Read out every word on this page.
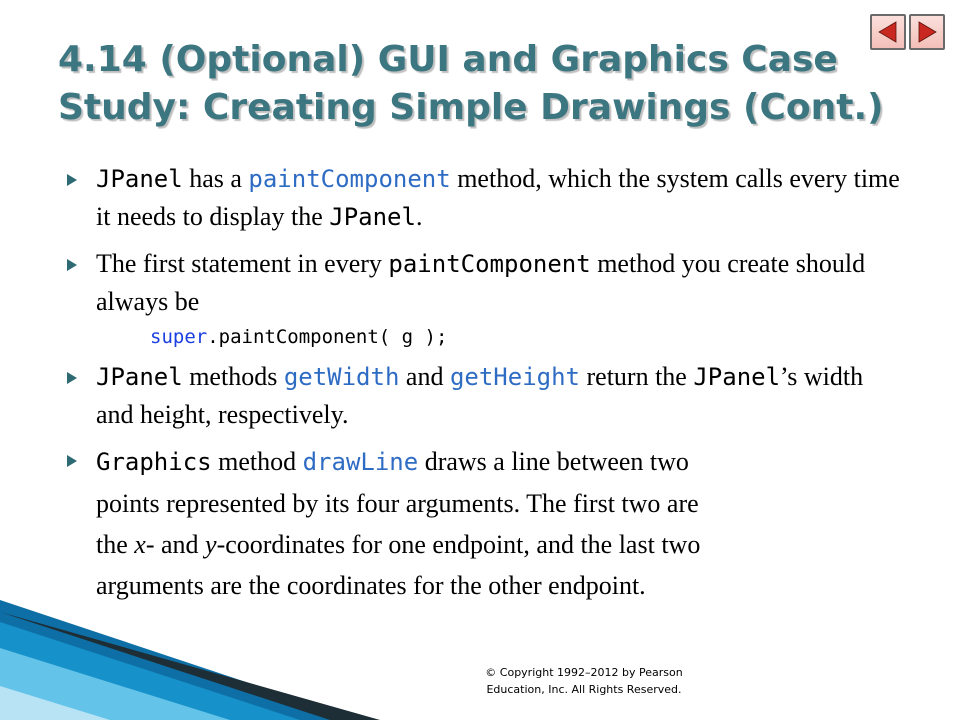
4.14 (Optional) GUI and Graphics Case
Study: Creating Simple Drawings (Cont.)
JPanel has a paintComponent method, which the system calls every time it needs to display the JPanel.
The first statement in every paintComponent method you create should always be
super.paintComponent( g );
JPanel methods getWidth and getHeight return the JPanel’s width and height, respectively.
Graphics method drawLine draws a line between two
points represented by its four arguments. The first two are
the x- and y-coordinates for one endpoint, and the last two
arguments are the coordinates for the other endpoint.
© Copyright 1992–2012 by Pearson
Education, Inc. All Rights Reserved.
